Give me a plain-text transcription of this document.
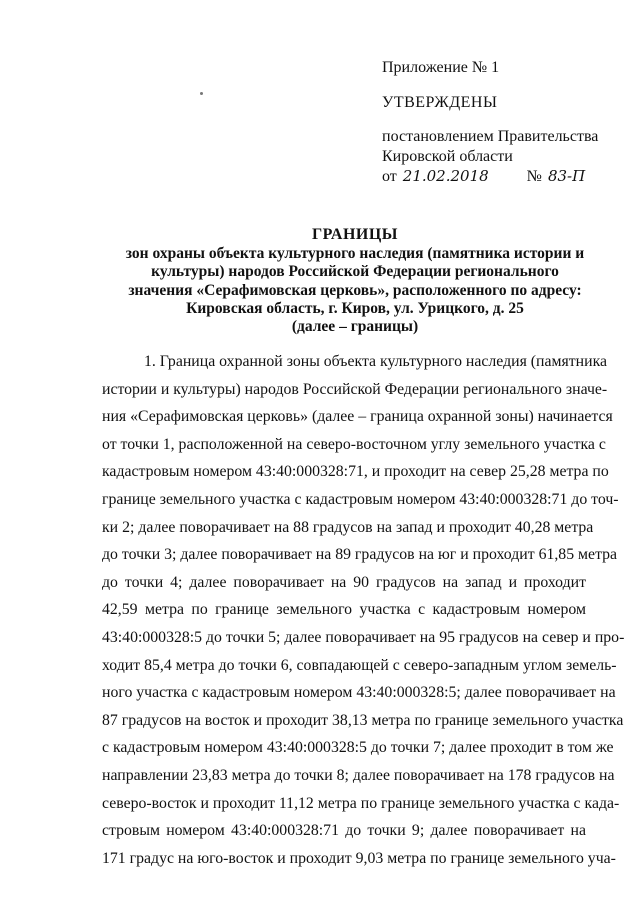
Приложение № 1
УТВЕРЖДЕНЫ
постановлением Правительства
Кировской области
от 21.02.2018 № 83-П
ГРАНИЦЫ
зон охраны объекта культурного наследия (памятника истории и
культуры) народов Российской Федерации регионального
значения «Серафимовская церковь», расположенного по адресу:
Кировская область, г. Киров, ул. Урицкого, д. 25
(далее – границы)
1. Граница охранной зоны объекта культурного наследия (памятника
истории и культуры) народов Российской Федерации регионального значе-
ния «Серафимовская церковь» (далее – граница охранной зоны) начинается
от точки 1, расположенной на северо-восточном углу земельного участка с
кадастровым номером 43:40:000328:71, и проходит на север 25,28 метра по
границе земельного участка с кадастровым номером 43:40:000328:71 до точ-
ки 2; далее поворачивает на 88 градусов на запад и проходит 40,28 метра
до точки 3; далее поворачивает на 89 градусов на юг и проходит 61,85 метра
до точки 4; далее поворачивает на 90 градусов на запад и проходит
42,59 метра по границе земельного участка с кадастровым номером
43:40:000328:5 до точки 5; далее поворачивает на 95 градусов на север и про-
ходит 85,4 метра до точки 6, совпадающей с северо-западным углом земель-
ного участка с кадастровым номером 43:40:000328:5; далее поворачивает на
87 градусов на восток и проходит 38,13 метра по границе земельного участка
с кадастровым номером 43:40:000328:5 до точки 7; далее проходит в том же
направлении 23,83 метра до точки 8; далее поворачивает на 178 градусов на
северо-восток и проходит 11,12 метра по границе земельного участка с када-
стровым номером 43:40:000328:71 до точки 9; далее поворачивает на
171 градус на юго-восток и проходит 9,03 метра по границе земельного уча-
